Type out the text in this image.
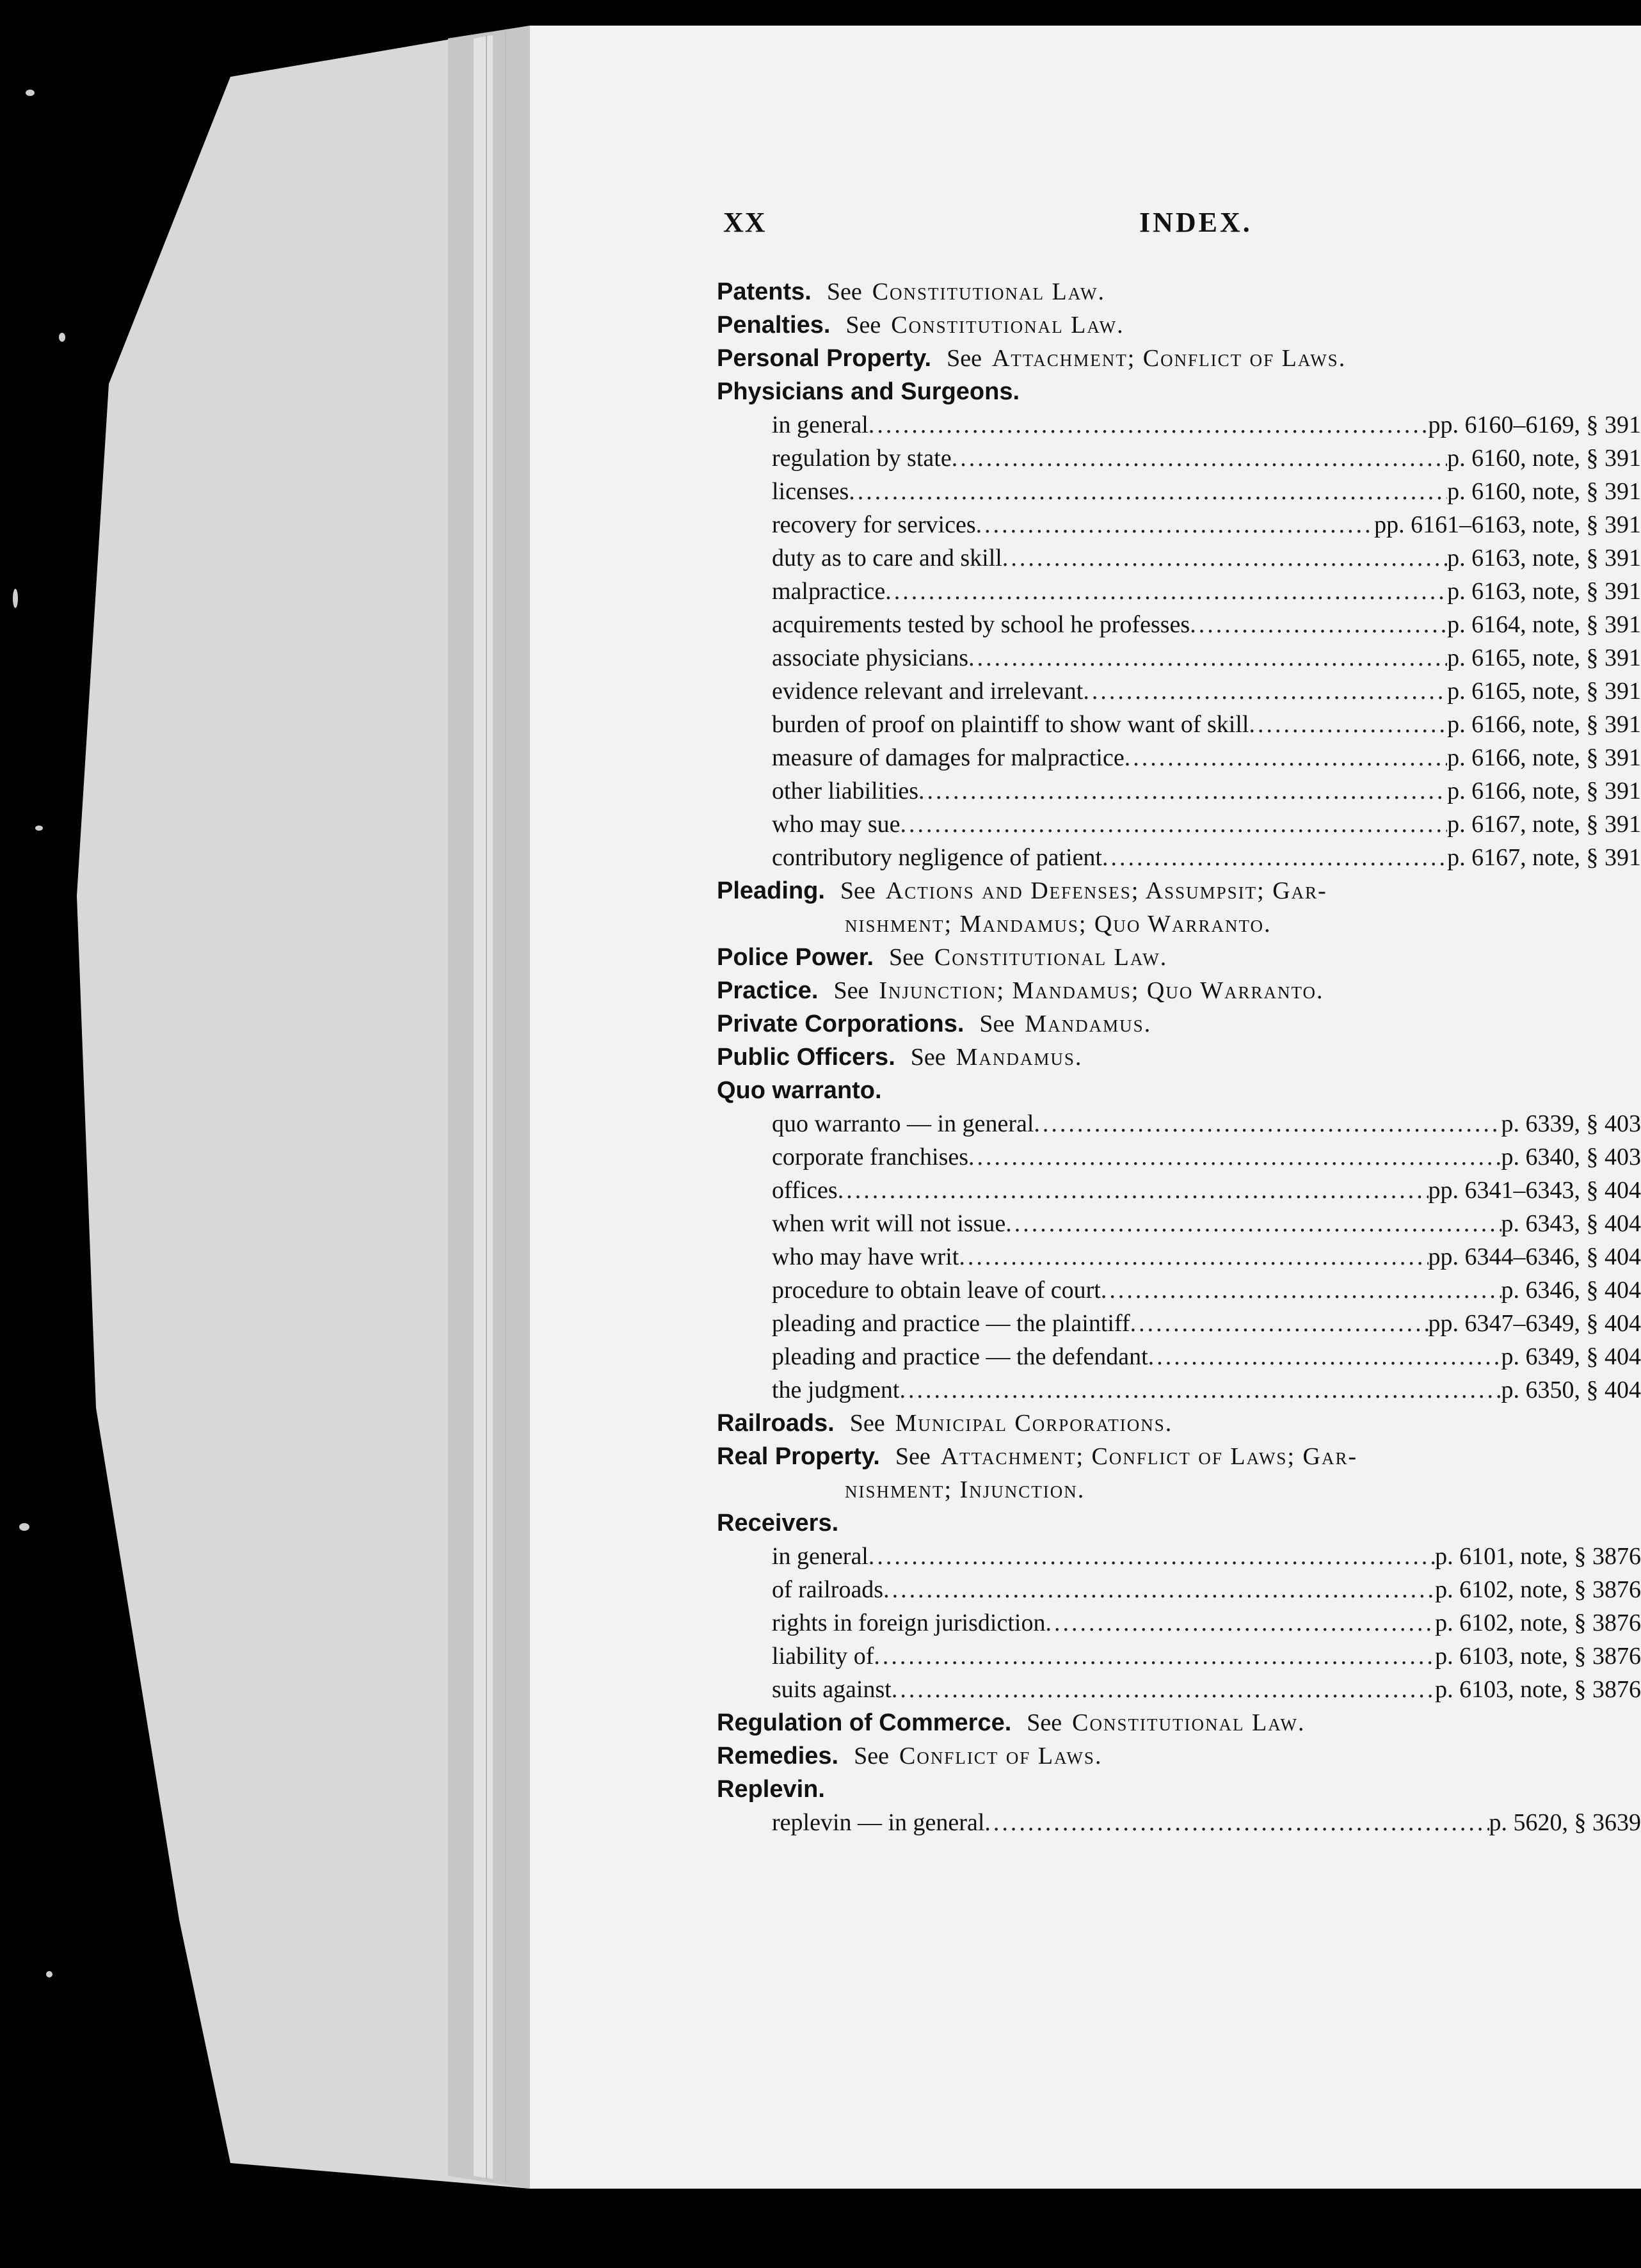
XX	INDEX.
Patents. See Constitutional Law.
Penalties. See Constitutional Law.
Personal Property. See Attachment; Conflict of Laws.
Physicians and Surgeons.
in general .....	pp. 6160–6169, § 391
regulation by state .....	p. 6160, note, § 391
licenses .....	p. 6160, note, § 391
recovery for services .....	pp. 6161–6163, note, § 391
duty as to care and skill .....	p. 6163, note, § 391
malpractice .....	p. 6163, note, § 391
acquirements tested by school he professes .....	p. 6164, note, § 391
associate physicians .....	p. 6165, note, § 391
evidence relevant and irrelevant .....	p. 6165, note, § 391
burden of proof on plaintiff to show want of skill .....	p. 6166, note, § 391
measure of damages for malpractice .....	p. 6166, note, § 391
other liabilities .....	p. 6166, note, § 391
who may sue .....	p. 6167, note, § 391
contributory negligence of patient .....	p. 6167, note, § 391
Pleading. See Actions and Defenses; Assumpsit; Gar-
nishment; Mandamus; Quo Warranto.
Police Power. See Constitutional Law.
Practice. See Injunction; Mandamus; Quo Warranto.
Private Corporations. See Mandamus.
Public Officers. See Mandamus.
Quo warranto.
quo warranto — in general .....	p. 6339, § 403
corporate franchises .....	p. 6340, § 403
offices .....	pp. 6341–6343, § 404
when writ will not issue .....	p. 6343, § 404
who may have writ .....	pp. 6344–6346, § 404
procedure to obtain leave of court .....	p. 6346, § 404
pleading and practice — the plaintiff .....	pp. 6347–6349, § 404
pleading and practice — the defendant .....	p. 6349, § 404
the judgment .....	p. 6350, § 404
Railroads. See Municipal Corporations.
Real Property. See Attachment; Conflict of Laws; Gar-
nishment; Injunction.
Receivers.
in general .....	p. 6101, note, § 3876
of railroads .....	p. 6102, note, § 3876
rights in foreign jurisdiction .....	p. 6102, note, § 3876
liability of .....	p. 6103, note, § 3876
suits against .....	p. 6103, note, § 3876
Regulation of Commerce. See Constitutional Law.
Remedies. See Conflict of Laws.
Replevin.
replevin — in general .....	p. 5620, § 3639
